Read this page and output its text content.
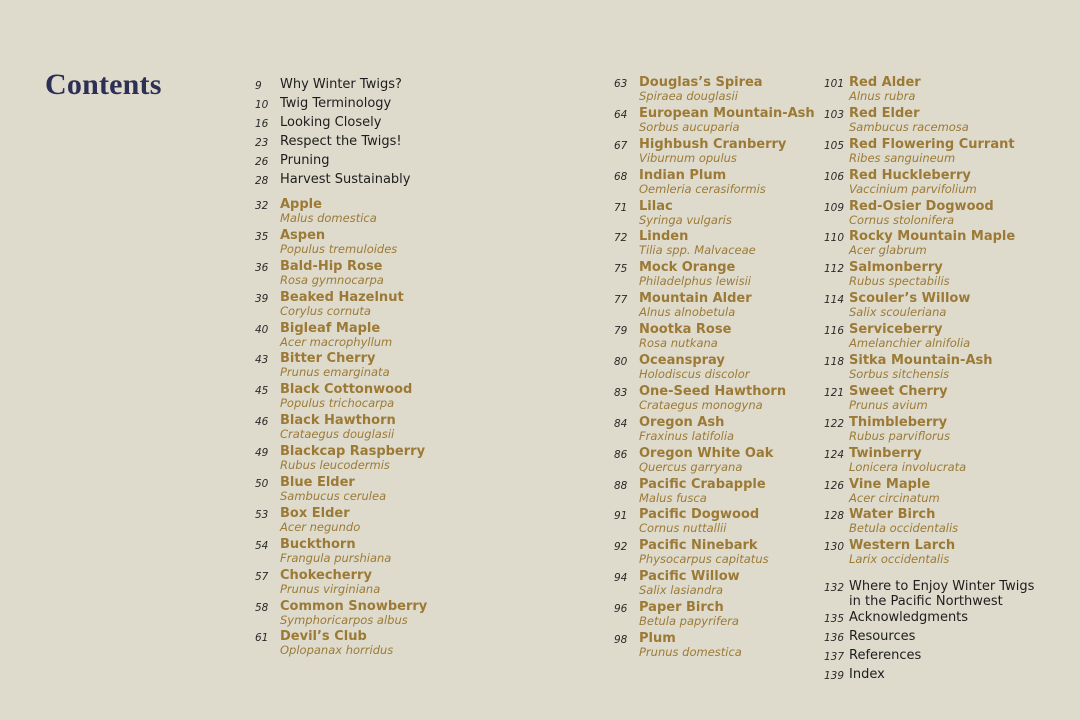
Contents	9	Why Winter Twigs?
10 Twig Terminology
16 Looking Closely
23 Respect the Twigs!
26 Pruning
28 Harvest Sustainably
32 Apple
Malus domestica
35 Aspen
Populus tremuloides
36 Bald-Hip Rose
Rosa gymnocarpa
39 Beaked Hazelnut
Corylus cornuta
40 Bigleaf Maple
Acer macrophyllum
43 Bitter Cherry
Prunus emarginata
45 Black Cottonwood
Populus trichocarpa
46 Black Hawthorn
Crataegus douglasii
49 Blackcap Raspberry
Rubus leucodermis
50 Blue Elder
Sambucus cerulea
53 Box Elder
Acer negundo
54 Buckthorn
Frangula purshiana
57 Chokecherry
Prunus virginiana
58 Common Snowberry
Symphoricarpos albus
61 Devil’s Club
Oplopanax horridus
63 Douglas’s Spirea
Spiraea douglasii
64 European Mountain-Ash
Sorbus aucuparia
67 Highbush Cranberry
Viburnum opulus
68 Indian Plum
Oemleria cerasiformis
71 Lilac
Syringa vulgaris
72 Linden
Tilia spp. Malvaceae
75 Mock Orange
Philadelphus lewisii
77 Mountain Alder
Alnus alnobetula
79 Nootka Rose
Rosa nutkana
80 Oceanspray
Holodiscus discolor
83 One-Seed Hawthorn
Crataegus monogyna
84 Oregon Ash
Fraxinus latifolia
86 Oregon White Oak
Quercus garryana
88 Pacific Crabapple
Malus fusca
91 Pacific Dogwood
Cornus nuttallii
92 Pacific Ninebark
Physocarpus capitatus
94 Pacific Willow
Salix lasiandra
96 Paper Birch
Betula papyrifera
98 Plum
Prunus domestica
101 Red Alder
Alnus rubra
103 Red Elder
Sambucus racemosa
105 Red Flowering Currant
Ribes sanguineum
106 Red Huckleberry
Vaccinium parvifolium
109 Red-Osier Dogwood
Cornus stolonifera
110 Rocky Mountain Maple
Acer glabrum
112 Salmonberry
Rubus spectabilis
114 Scouler’s Willow
Salix scouleriana
116 Serviceberry
Amelanchier alnifolia
118 Sitka Mountain-Ash
Sorbus sitchensis
121 Sweet Cherry
Prunus avium
122 Thimbleberry
Rubus parviflorus
124 Twinberry
Lonicera involucrata
126 Vine Maple
Acer circinatum
128 Water Birch
Betula occidentalis
130 Western Larch
Larix occidentalis
132 Where to Enjoy Winter Twigs
in the Pacific Northwest
135 Acknowledgments
136 Resources
137 References
139 Index
